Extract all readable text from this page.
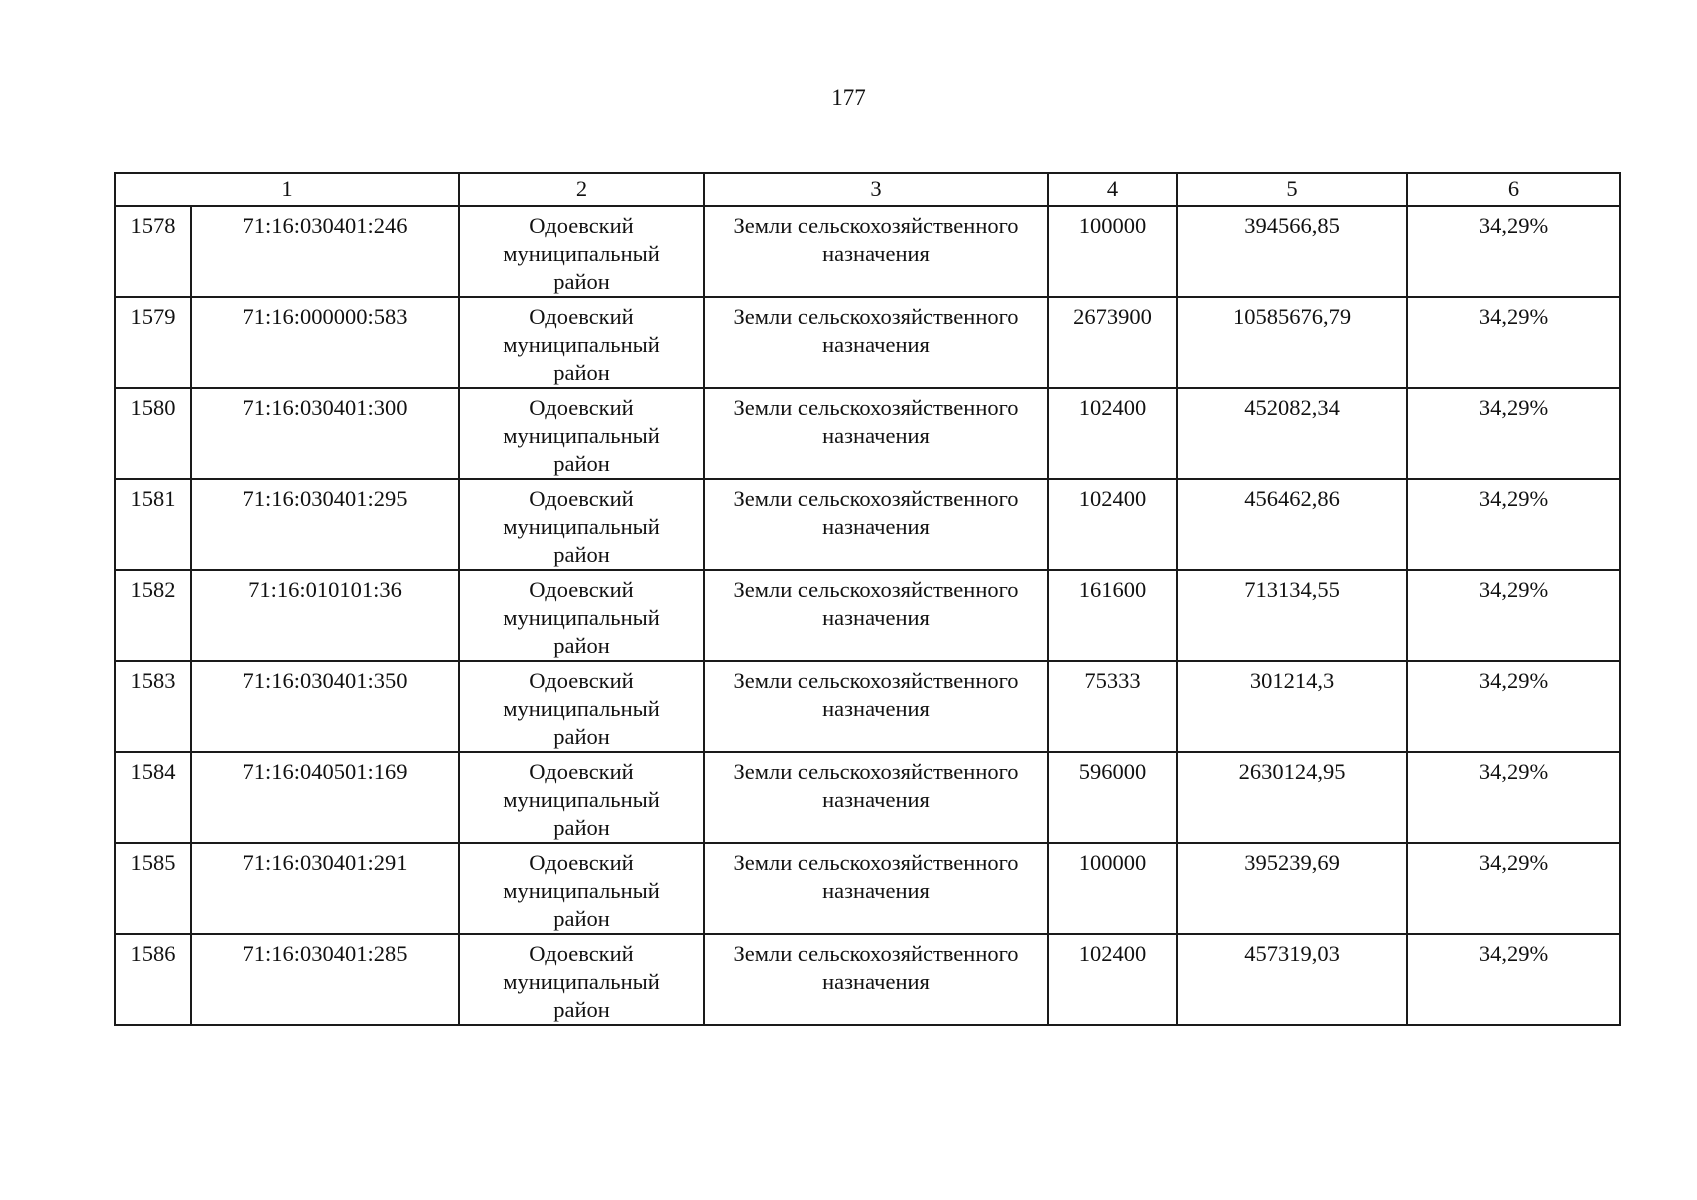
177
1		2	3	4	5	6
1578	71:16:030401:246	Одоевский
муниципальный
район	Земли сельскохозяйственного
назначения	100000	394566,85	34,29%
1579	71:16:000000:583	Одоевский
муниципальный
район	Земли сельскохозяйственного
назначения	2673900	10585676,79	34,29%
1580	71:16:030401:300	Одоевский
муниципальный
район	Земли сельскохозяйственного
назначения	102400	452082,34	34,29%
1581	71:16:030401:295	Одоевский
муниципальный
район	Земли сельскохозяйственного
назначения	102400	456462,86	34,29%
1582	71:16:010101:36	Одоевский
муниципальный
район	Земли сельскохозяйственного
назначения	161600	713134,55	34,29%
1583	71:16:030401:350	Одоевский
муниципальный
район	Земли сельскохозяйственного
назначения	75333	301214,3	34,29%
1584	71:16:040501:169	Одоевский
муниципальный
район	Земли сельскохозяйственного
назначения	596000	2630124,95	34,29%
1585	71:16:030401:291	Одоевский
муниципальный
район	Земли сельскохозяйственного
назначения	100000	395239,69	34,29%
1586	71:16:030401:285	Одоевский
муниципальный
район	Земли сельскохозяйственного
назначения	102400	457319,03	34,29%
